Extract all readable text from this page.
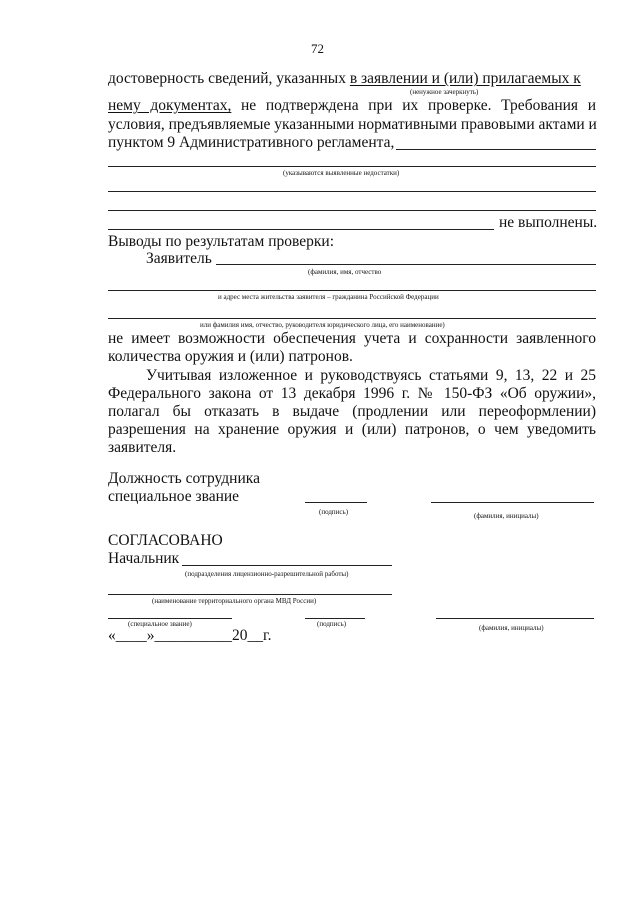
72
достоверность сведений, указанных в заявлении и (или) прилагаемых к
(ненужное зачеркнуть)
нему документах, не подтверждена при их проверке. Требования и
условия, предъявляемые указанными нормативными правовыми актами и
пунктом 9 Административного регламента,
(указываются выявленные недостатки)
не выполнены.
Выводы по результатам проверки:
Заявитель
(фамилия, имя, отчество
и адрес места жительства заявителя – гражданина Российской Федерации
или фамилия имя, отчество, руководителя юридического лица, его наименование)
не имеет возможности обеспечения учета и сохранности заявленного
количества оружия и (или) патронов.
Учитывая изложенное и руководствуясь статьями 9, 13, 22 и 25
Федерального закона от 13 декабря 1996 г. № 150-ФЗ «Об оружии»,
полагал бы отказать в выдаче (продлении или переоформлении)
разрешения на хранение оружия и (или) патронов, о чем уведомить
заявителя.
Должность сотрудника
специальное звание
(подпись)	(фамилия, инициалы)
СОГЛАСОВАНО
Начальник
(подразделения лицензионно-разрешительной работы)
(наименование территориального органа МВД России)
(специальное звание)	(подпись)	(фамилия, инициалы)
«____»__________20__г.
